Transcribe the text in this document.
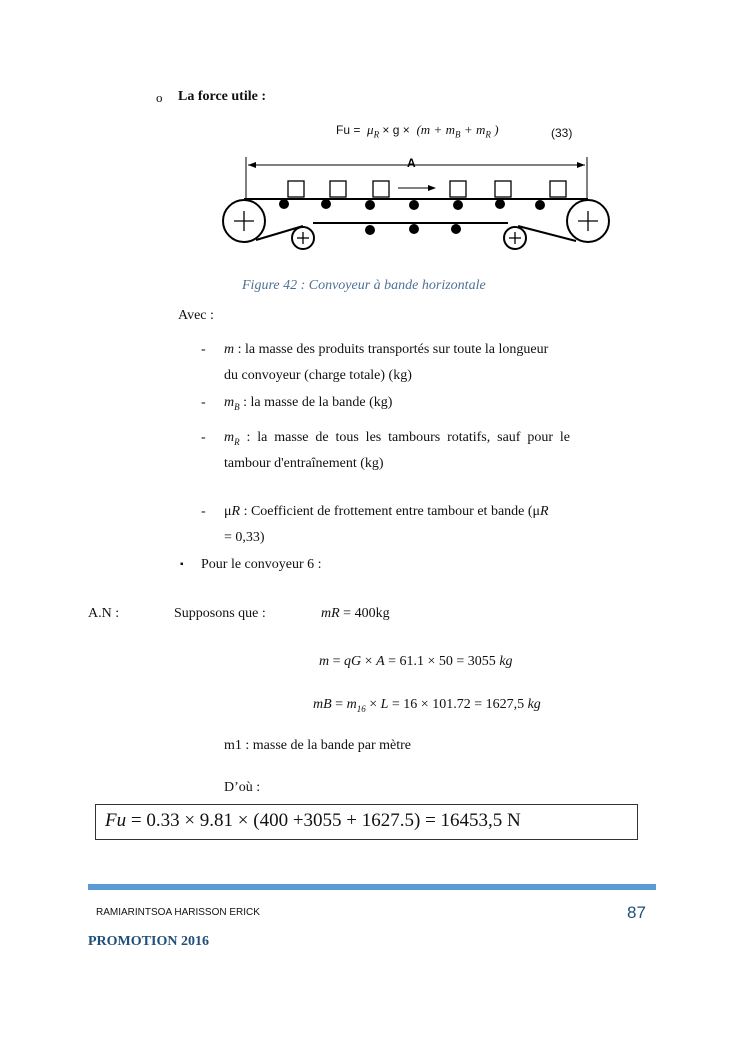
o La force utile :
$Fu = \mu_R \times g \times (m + m_B + m_R$ )	(33)
A
Figure 42 : Convoyeur à bande horizontale
Avec :
- m : la masse des produits transportés sur toute la longueur
du convoyeur (charge totale) (kg)
- $m_B$ : la masse de la bande (kg)
- $m_R$ : la masse de tous les tambours rotatifs, sauf pour le
tambour d'entraînement (kg)
- μR : Coefficient de frottement entre tambour et bande (μR
= 0,33)
▪ Pour le convoyeur 6 :
A.N :	Supposons que :	mR = 400kg
m = qG × A = 61.1 × 50 = 3055 kg
mB = $m_{16} \times L = 16 \times 101.72 = 1627,5$ kg
m1 : masse de la bande par mètre
D’où :
Fu = 0.33 × 9.81 × (400 +3055 + 1627.5) = 16453,5 N
RAMIARINTSOA HARISSON ERICK	87
PROMOTION 2016
